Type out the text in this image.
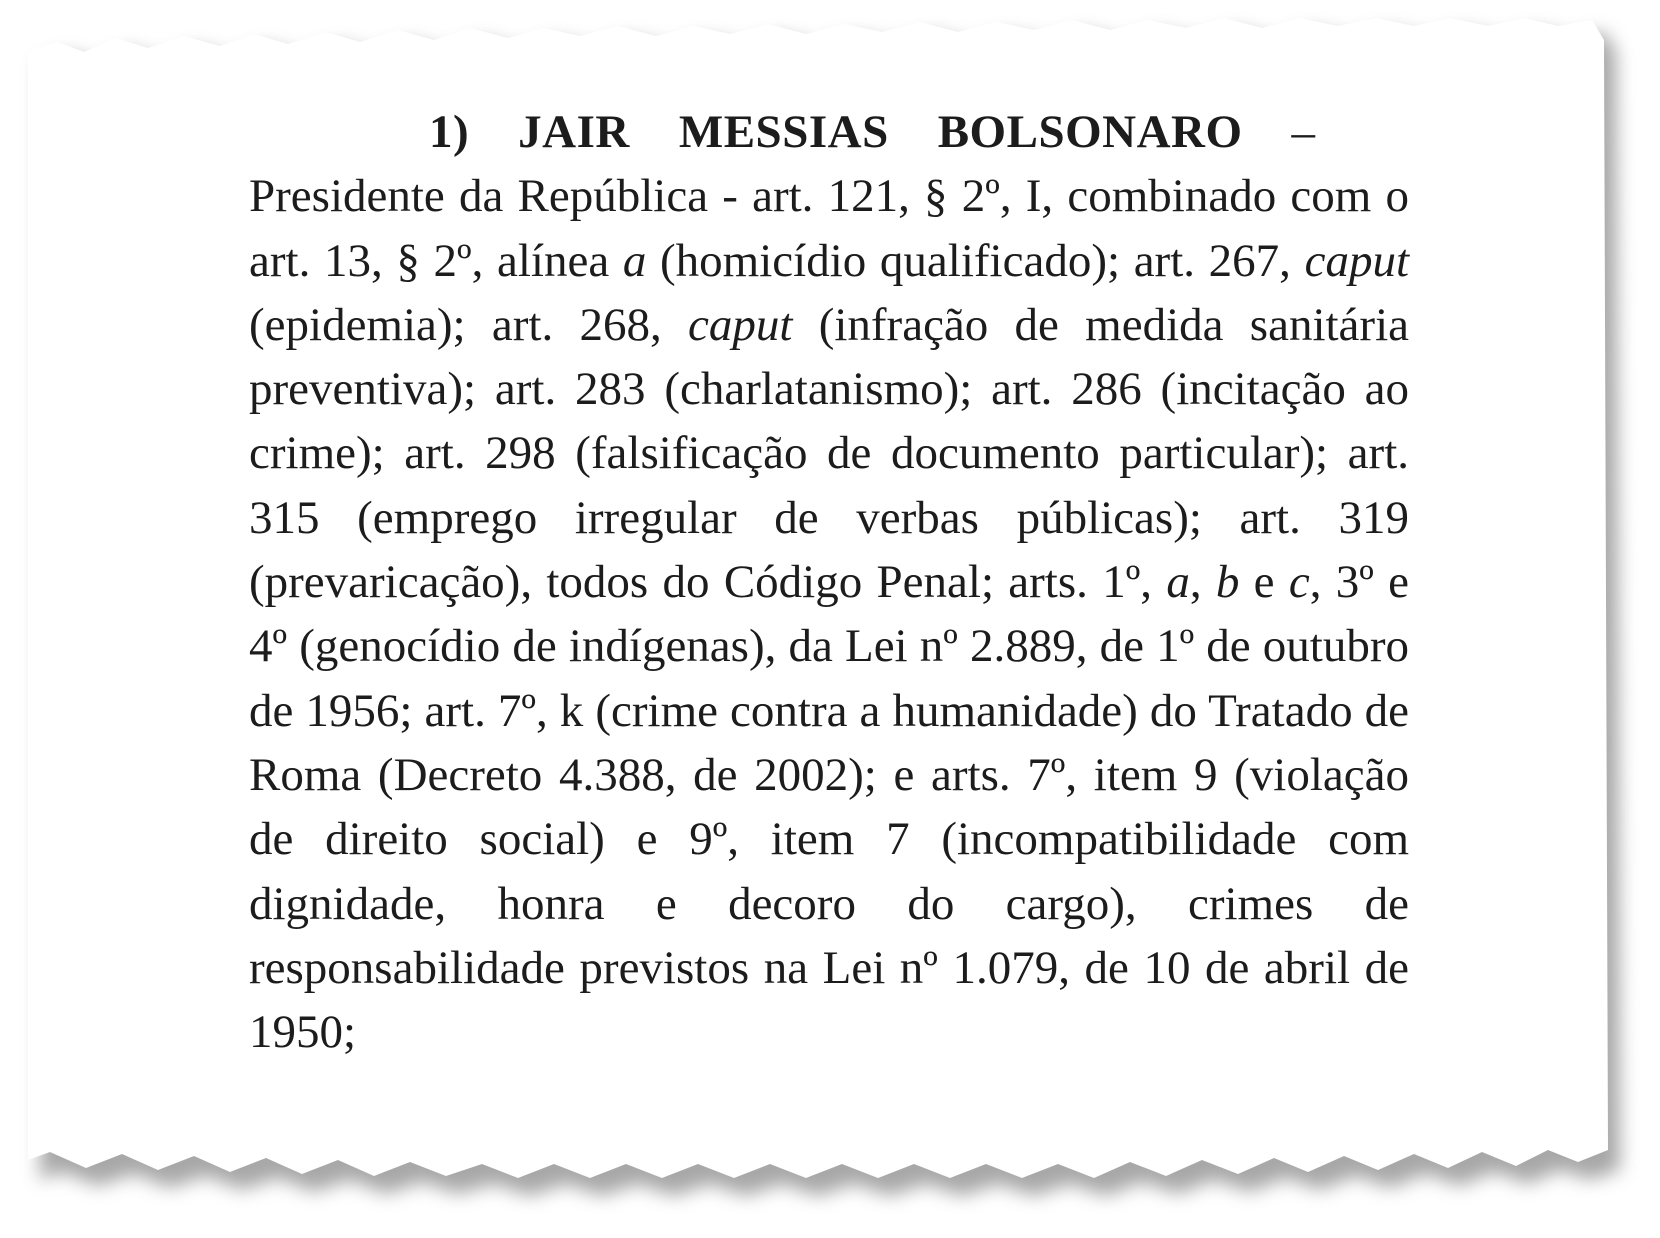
1) JAIR MESSIAS BOLSONARO – Presidente da República - art. 121, § 2º, I, combinado com o art. 13, § 2º, alínea a (homicídio qualificado); art. 267, caput (epidemia); art. 268, caput (infração de medida sanitária preventiva); art. 283 (charlatanismo); art. 286 (incitação ao crime); art. 298 (falsificação de documento particular); art. 315 (emprego irregular de verbas públicas); art. 319 (prevaricação), todos do Código Penal; arts. 1º, a, b e c, 3º e 4º (genocídio de indígenas), da Lei nº 2.889, de 1º de outubro de 1956; art. 7º, k (crime contra a humanidade) do Tratado de Roma (Decreto 4.388, de 2002); e arts. 7º, item 9 (violação de direito social) e 9º, item 7 (incompatibilidade com dignidade, honra e decoro do cargo), crimes de responsabilidade previstos na Lei nº 1.079, de 10 de abril de 1950;
